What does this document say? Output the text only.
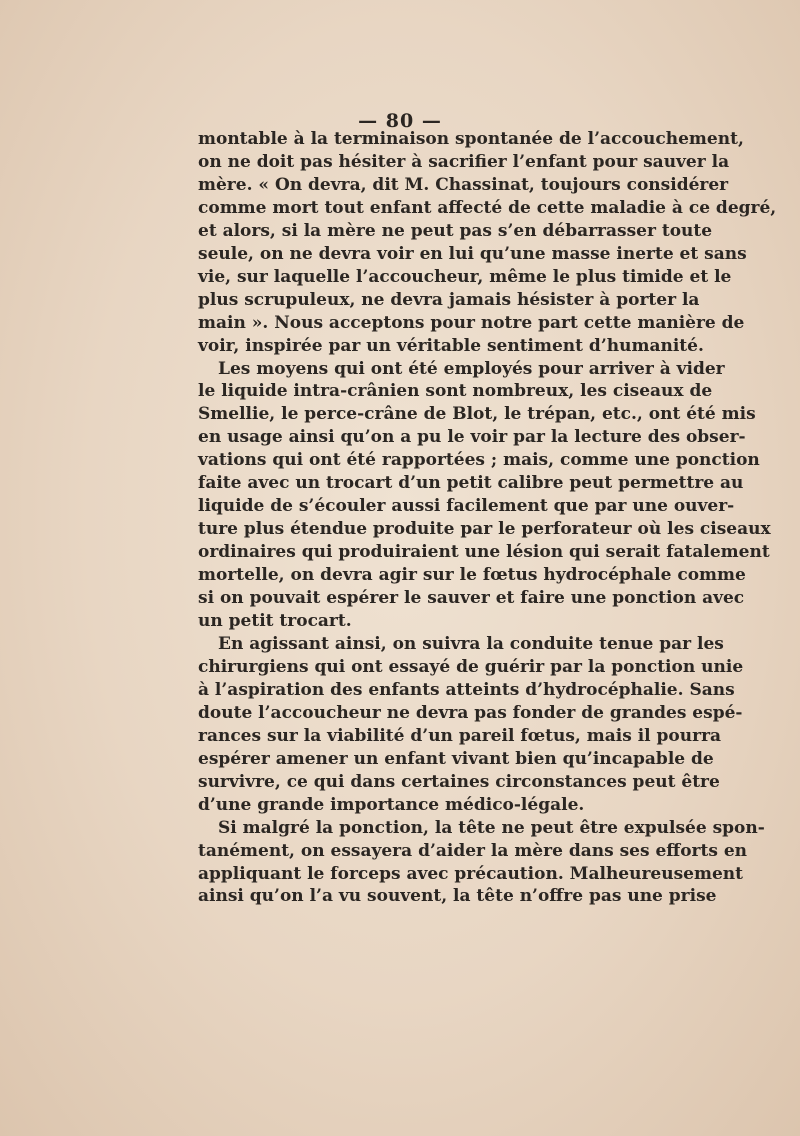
— 80 —
montable à la terminaison spontanée de l’accouchement,
on ne doit pas hésiter à sacrifier l’enfant pour sauver la
mère. « On devra, dit M. Chassinat, toujours considérer
comme mort tout enfant affecté de cette maladie à ce degré,
et alors, si la mère ne peut pas s’en débarrasser toute
seule, on ne devra voir en lui qu’une masse inerte et sans
vie, sur laquelle l’accoucheur, même le plus timide et le
plus scrupuleux, ne devra jamais hésister à porter la
main ». Nous acceptons pour notre part cette manière de
voir, inspirée par un véritable sentiment d’humanité.
Les moyens qui ont été employés pour arriver à vider
le liquide intra-crânien sont nombreux, les ciseaux de
Smellie, le perce-crâne de Blot, le trépan, etc., ont été mis
en usage ainsi qu’on a pu le voir par la lecture des obser-
vations qui ont été rapportées ; mais, comme une ponction
faite avec un trocart d’un petit calibre peut permettre au
liquide de s’écouler aussi facilement que par une ouver-
ture plus étendue produite par le perforateur où les ciseaux
ordinaires qui produiraient une lésion qui serait fatalement
mortelle, on devra agir sur le fœtus hydrocéphale comme
si on pouvait espérer le sauver et faire une ponction avec
un petit trocart.
En agissant ainsi, on suivra la conduite tenue par les
chirurgiens qui ont essayé de guérir par la ponction unie
à l’aspiration des enfants atteints d’hydrocéphalie. Sans
doute l’accoucheur ne devra pas fonder de grandes espé-
rances sur la viabilité d’un pareil fœtus, mais il pourra
espérer amener un enfant vivant bien qu’incapable de
survivre, ce qui dans certaines circonstances peut être
d’une grande importance médico-légale.
Si malgré la ponction, la tête ne peut être expulsée spon-
tanément, on essayera d’aider la mère dans ses efforts en
appliquant le forceps avec précaution. Malheureusement
ainsi qu’on l’a vu souvent, la tête n’offre pas une prise
